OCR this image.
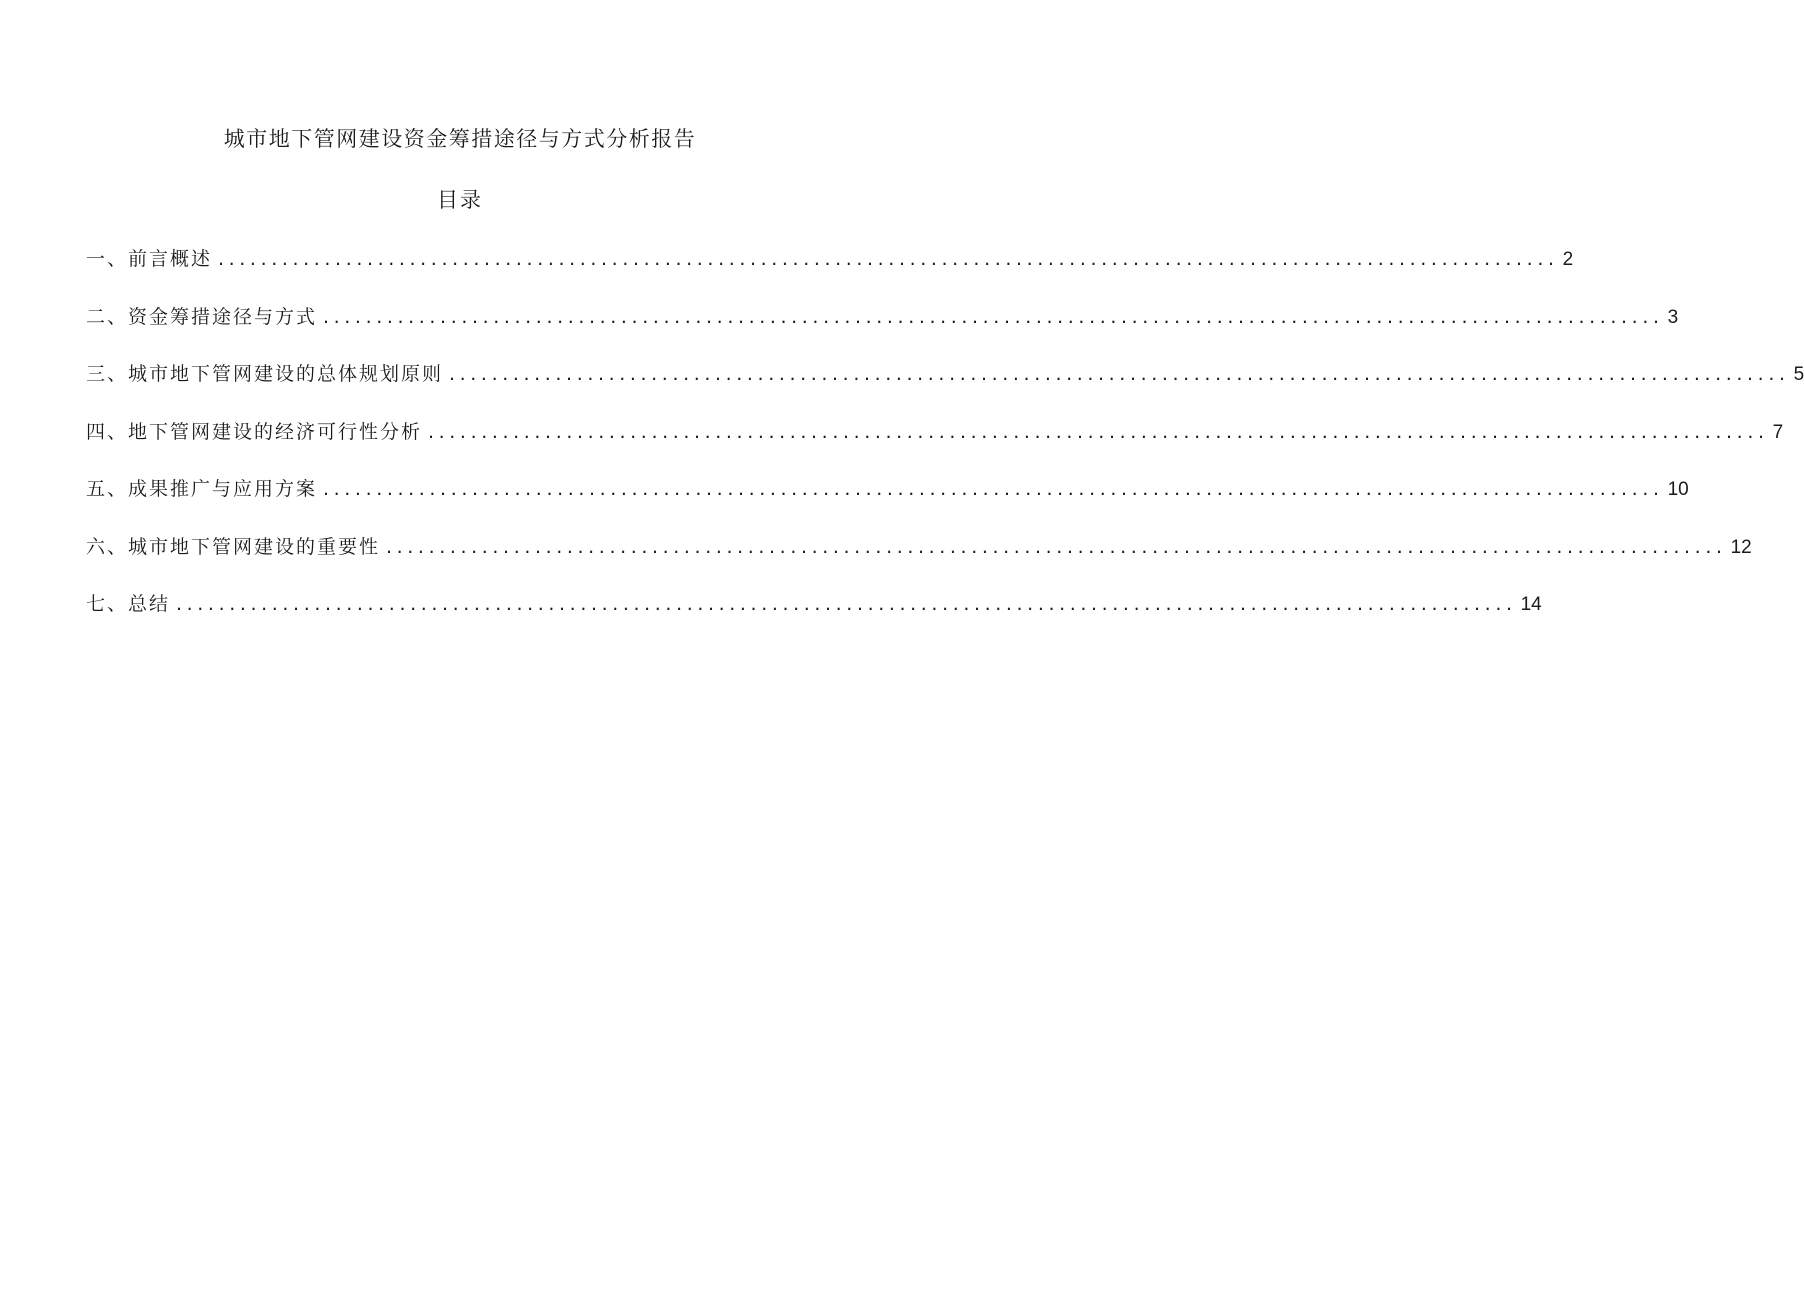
城市地下管网建设资金筹措途径与方式分析报告
目录
一、前言概述 .............................................................................................................................. 2
二、资金筹措途径与方式 .............................................................................................................................. 3
三、城市地下管网建设的总体规划原则 .............................................................................................................................. 5
四、地下管网建设的经济可行性分析 .............................................................................................................................. 7
五、成果推广与应用方案 .............................................................................................................................. 10
六、城市地下管网建设的重要性 .............................................................................................................................. 12
七、总结 .............................................................................................................................. 14
